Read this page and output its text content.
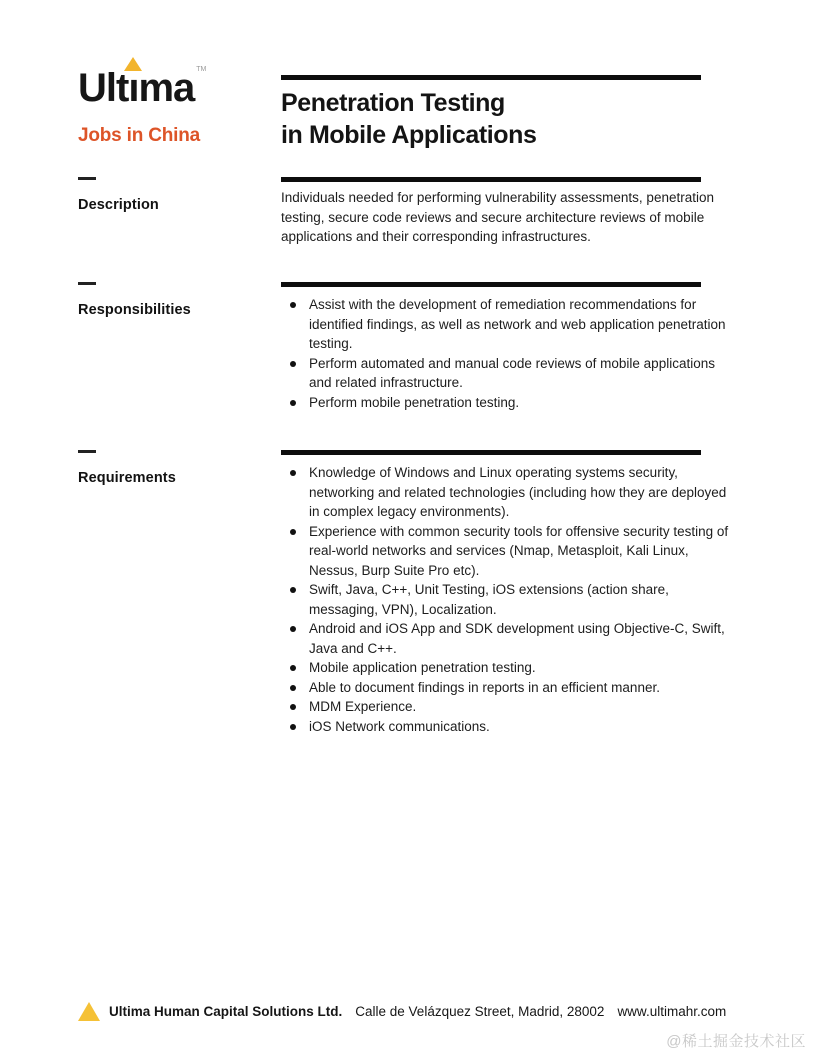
Ult
ıma ™
Jobs in China
Penetration Testing
in Mobile Applications
Description	Individuals needed for performing vulnerability assessments, penetration testing, secure code reviews and secure architecture reviews of mobile applications and their corresponding infrastructures.
Responsibilities	Assist with the development of remediation recommendations for identified findings, as well as network and web application penetration testing.
Perform automated and manual code reviews of mobile applications and related infrastructure.
Perform mobile penetration testing.
Requirements	Knowledge of Windows and Linux operating systems security, networking and related technologies (including how they are deployed in complex legacy environments).
Experience with common security tools for offensive security testing of real-world networks and services (Nmap, Metasploit, Kali Linux, Nessus, Burp Suite Pro etc).
Swift, Java, C++, Unit Testing, iOS extensions (action share, messaging, VPN), Localization.
Android and iOS App and SDK development using Objective-C, Swift, Java and C++.
Mobile application penetration testing.
Able to document findings in reports in an efficient manner.
MDM Experience.
iOS Network communications.
Ultima Human Capital Solutions Ltd. Calle de Velázquez Street, Madrid, 28002 www.ultimahr.com
@稀土掘金技术社区
